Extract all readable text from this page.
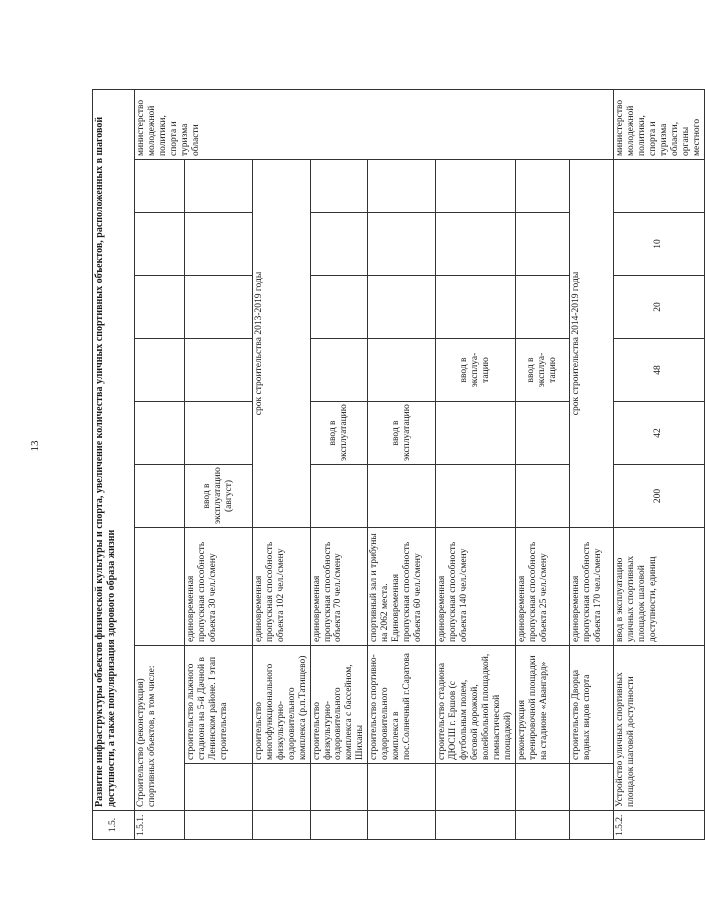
13
1.5.	Развитие инфраструктуры объектов физической культуры и спорта, увеличение количества уличных спортивных объектов, расположенных в шаговой доступности, а также популяризация здорового образа жизни									
1.5.1.	Строительство (реконструкция) спортивных объектов, в том числе:									министерство молодежной политики, спорта и туризма области
		строительство лыжного стадиона на 5-й Дачной в Ленинском районе. I этап строительства	единовременная пропускная способность объекта 30 чел./смену	ввод в эксплуатацию (август)						
		строительство многофункционального физкультурно-оздоровительного комплекса (р.п.Татищево)	единовременная пропускная способность объекта 102 чел./смену	срок строительства 2013-2019 годы						
		строительство физкультурно-оздоровительного комплекса с бассейном, Шиханы	единовременная пропускная способность объекта 70 чел./смену		ввод в эксплуатацию					
		строительство спортивно-оздоровительного комплекса в пос.Солнечный г.Саратова	спортивный зал и трибуны на 2062 места. Единовременная пропускная способность объекта 60 чел./смену		ввод в эксплуатацию					
		строительство стадиона ДЮСШ г. Ершов (с футбольным полем, беговой дорожкой, волейбольной площадкой, гимнастической площадкой)	единовременная пропускная способность объекта 140 чел./смену			ввод в эксплуа-тацию				
		реконструкция тренировочной площадки на стадионе «Авангард»	единовременная пропускная способность объекта 25 чел./смену			ввод в эксплуа-тацию				
		строительство Дворца водных видов спорта	единовременная пропускная способность объекта 170 чел./смену	срок строительства 2014-2019 годы						
1.5.2.	Устройство уличных спортивных площадок шаговой доступности		ввод в эксплуатацию уличных спортивных площадок шаговой доступности, единиц	200	42	48	20	10		министерство молодежной политики, спорта и туризма области, органы местного
